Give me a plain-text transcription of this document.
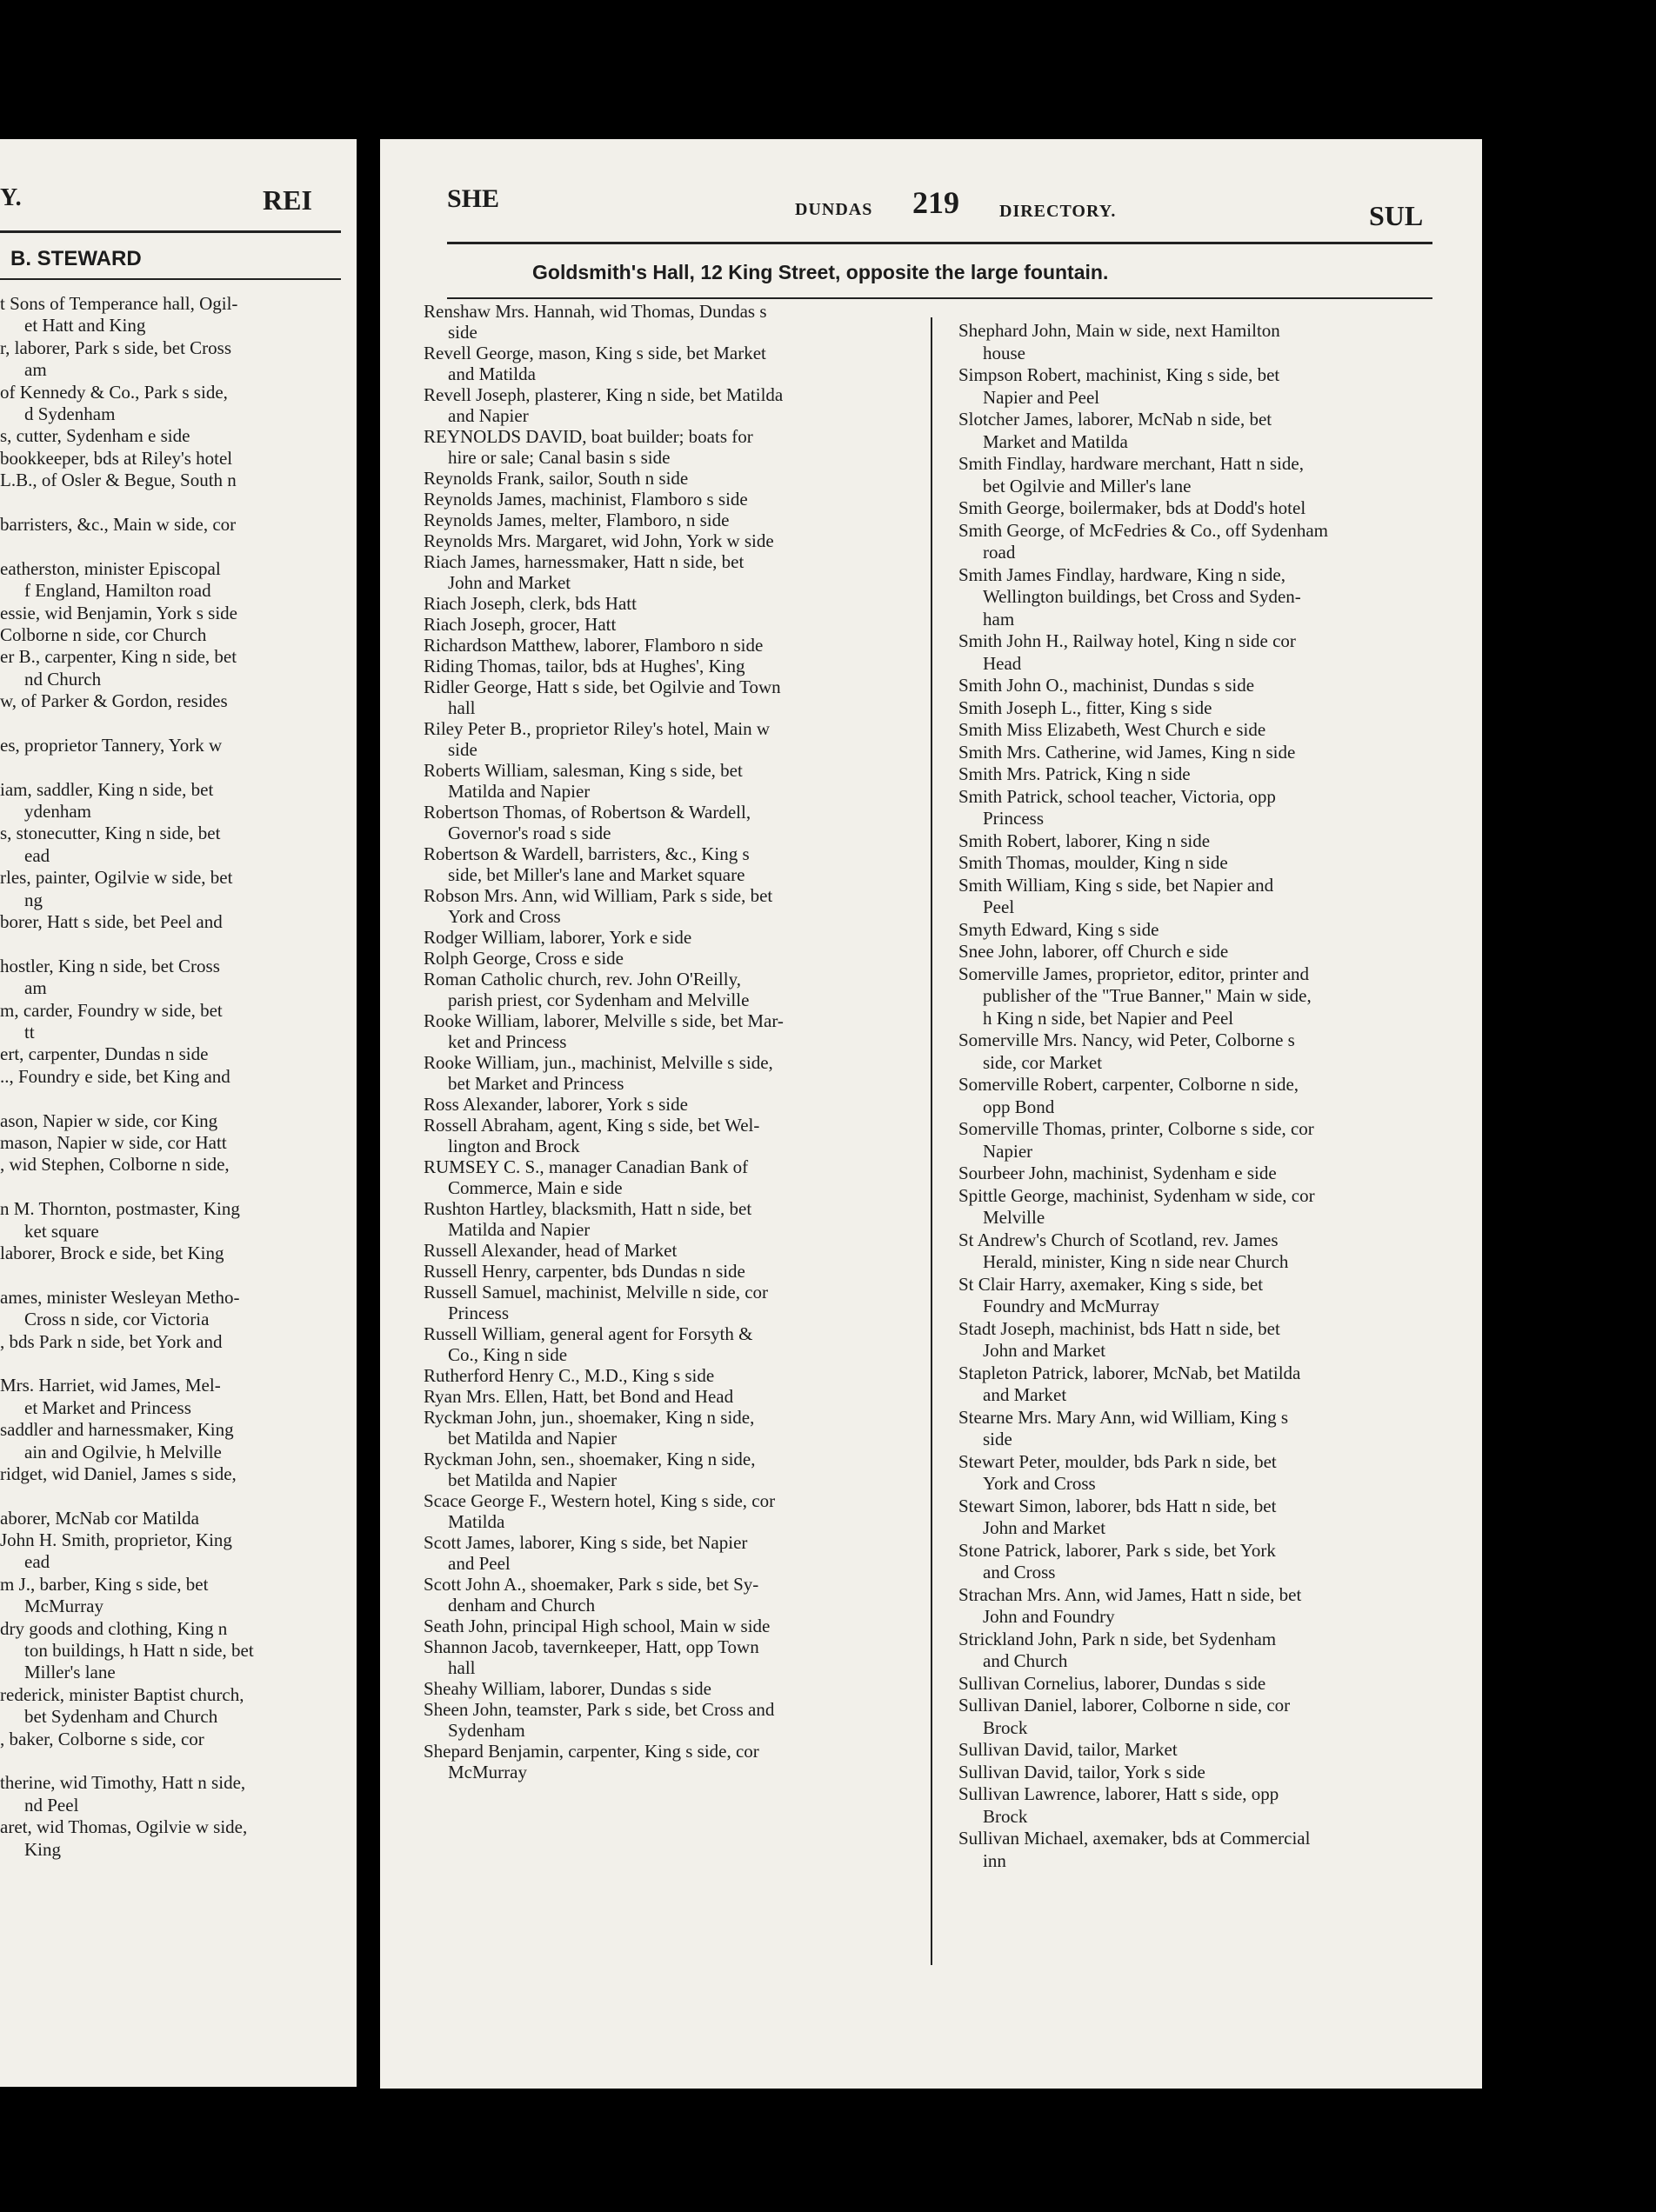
Y.	REI
B. STEWARD
t Sons of Temperance hall, Ogil-
et Hatt and King
r, laborer, Park s side, bet Cross
am
of Kennedy & Co., Park s side,
d Sydenham
s, cutter, Sydenham e side
bookkeeper, bds at Riley's hotel
L.B., of Osler & Begue, South n
barristers, &c., Main w side, cor
eatherston, minister Episcopal
f England, Hamilton road
essie, wid Benjamin, York s side
Colborne n side, cor Church
er B., carpenter, King n side, bet
nd Church
w, of Parker & Gordon, resides
es, proprietor Tannery, York w
iam, saddler, King n side, bet
ydenham
s, stonecutter, King n side, bet
ead
rles, painter, Ogilvie w side, bet
ng
borer, Hatt s side, bet Peel and
hostler, King n side, bet Cross
am
m, carder, Foundry w side, bet
tt
ert, carpenter, Dundas n side
.., Foundry e side, bet King and
ason, Napier w side, cor King
mason, Napier w side, cor Hatt
, wid Stephen, Colborne n side,
n M. Thornton, postmaster, King
ket square
laborer, Brock e side, bet King
ames, minister Wesleyan Metho-
Cross n side, cor Victoria
, bds Park n side, bet York and
Mrs. Harriet, wid James, Mel-
et Market and Princess
saddler and harnessmaker, King
ain and Ogilvie, h Melville
ridget, wid Daniel, James s side,
aborer, McNab cor Matilda
John H. Smith, proprietor, King
ead
m J., barber, King s side, bet
McMurray
dry goods and clothing, King n
ton buildings, h Hatt n side, bet
Miller's lane
rederick, minister Baptist church,
bet Sydenham and Church
, baker, Colborne s side, cor
therine, wid Timothy, Hatt n side,
nd Peel
aret, wid Thomas, Ogilvie w side,
King
SHE	DUNDAS 219 DIRECTORY.	SUL
Goldsmith's Hall, 12 King Street, opposite the large fountain.
Renshaw Mrs. Hannah, wid Thomas, Dundas s
side
Revell George, mason, King s side, bet Market
and Matilda
Revell Joseph, plasterer, King n side, bet Matilda
and Napier
REYNOLDS DAVID, boat builder; boats for
hire or sale; Canal basin s side
Reynolds Frank, sailor, South n side
Reynolds James, machinist, Flamboro s side
Reynolds James, melter, Flamboro, n side
Reynolds Mrs. Margaret, wid John, York w side
Riach James, harnessmaker, Hatt n side, bet
John and Market
Riach Joseph, clerk, bds Hatt
Riach Joseph, grocer, Hatt
Richardson Matthew, laborer, Flamboro n side
Riding Thomas, tailor, bds at Hughes', King
Ridler George, Hatt s side, bet Ogilvie and Town
hall
Riley Peter B., proprietor Riley's hotel, Main w
side
Roberts William, salesman, King s side, bet
Matilda and Napier
Robertson Thomas, of Robertson & Wardell,
Governor's road s side
Robertson & Wardell, barristers, &c., King s
side, bet Miller's lane and Market square
Robson Mrs. Ann, wid William, Park s side, bet
York and Cross
Rodger William, laborer, York e side
Rolph George, Cross e side
Roman Catholic church, rev. John O'Reilly,
parish priest, cor Sydenham and Melville
Rooke William, laborer, Melville s side, bet Mar-
ket and Princess
Rooke William, jun., machinist, Melville s side,
bet Market and Princess
Ross Alexander, laborer, York s side
Rossell Abraham, agent, King s side, bet Wel-
lington and Brock
RUMSEY C. S., manager Canadian Bank of
Commerce, Main e side
Rushton Hartley, blacksmith, Hatt n side, bet
Matilda and Napier
Russell Alexander, head of Market
Russell Henry, carpenter, bds Dundas n side
Russell Samuel, machinist, Melville n side, cor
Princess
Russell William, general agent for Forsyth &
Co., King n side
Rutherford Henry C., M.D., King s side
Ryan Mrs. Ellen, Hatt, bet Bond and Head
Ryckman John, jun., shoemaker, King n side,
bet Matilda and Napier
Ryckman John, sen., shoemaker, King n side,
bet Matilda and Napier
Scace George F., Western hotel, King s side, cor
Matilda
Scott James, laborer, King s side, bet Napier
and Peel
Scott John A., shoemaker, Park s side, bet Sy-
denham and Church
Seath John, principal High school, Main w side
Shannon Jacob, tavernkeeper, Hatt, opp Town
hall
Sheahy William, laborer, Dundas s side
Sheen John, teamster, Park s side, bet Cross and
Sydenham
Shepard Benjamin, carpenter, King s side, cor
McMurray
Shephard John, Main w side, next Hamilton
house
Simpson Robert, machinist, King s side, bet
Napier and Peel
Slotcher James, laborer, McNab n side, bet
Market and Matilda
Smith Findlay, hardware merchant, Hatt n side,
bet Ogilvie and Miller's lane
Smith George, boilermaker, bds at Dodd's hotel
Smith George, of McFedries & Co., off Sydenham
road
Smith James Findlay, hardware, King n side,
Wellington buildings, bet Cross and Syden-
ham
Smith John H., Railway hotel, King n side cor
Head
Smith John O., machinist, Dundas s side
Smith Joseph L., fitter, King s side
Smith Miss Elizabeth, West Church e side
Smith Mrs. Catherine, wid James, King n side
Smith Mrs. Patrick, King n side
Smith Patrick, school teacher, Victoria, opp
Princess
Smith Robert, laborer, King n side
Smith Thomas, moulder, King n side
Smith William, King s side, bet Napier and
Peel
Smyth Edward, King s side
Snee John, laborer, off Church e side
Somerville James, proprietor, editor, printer and
publisher of the "True Banner," Main w side,
h King n side, bet Napier and Peel
Somerville Mrs. Nancy, wid Peter, Colborne s
side, cor Market
Somerville Robert, carpenter, Colborne n side,
opp Bond
Somerville Thomas, printer, Colborne s side, cor
Napier
Sourbeer John, machinist, Sydenham e side
Spittle George, machinist, Sydenham w side, cor
Melville
St Andrew's Church of Scotland, rev. James
Herald, minister, King n side near Church
St Clair Harry, axemaker, King s side, bet
Foundry and McMurray
Stadt Joseph, machinist, bds Hatt n side, bet
John and Market
Stapleton Patrick, laborer, McNab, bet Matilda
and Market
Stearne Mrs. Mary Ann, wid William, King s
side
Stewart Peter, moulder, bds Park n side, bet
York and Cross
Stewart Simon, laborer, bds Hatt n side, bet
John and Market
Stone Patrick, laborer, Park s side, bet York
and Cross
Strachan Mrs. Ann, wid James, Hatt n side, bet
John and Foundry
Strickland John, Park n side, bet Sydenham
and Church
Sullivan Cornelius, laborer, Dundas s side
Sullivan Daniel, laborer, Colborne n side, cor
Brock
Sullivan David, tailor, Market
Sullivan David, tailor, York s side
Sullivan Lawrence, laborer, Hatt s side, opp
Brock
Sullivan Michael, axemaker, bds at Commercial
inn
